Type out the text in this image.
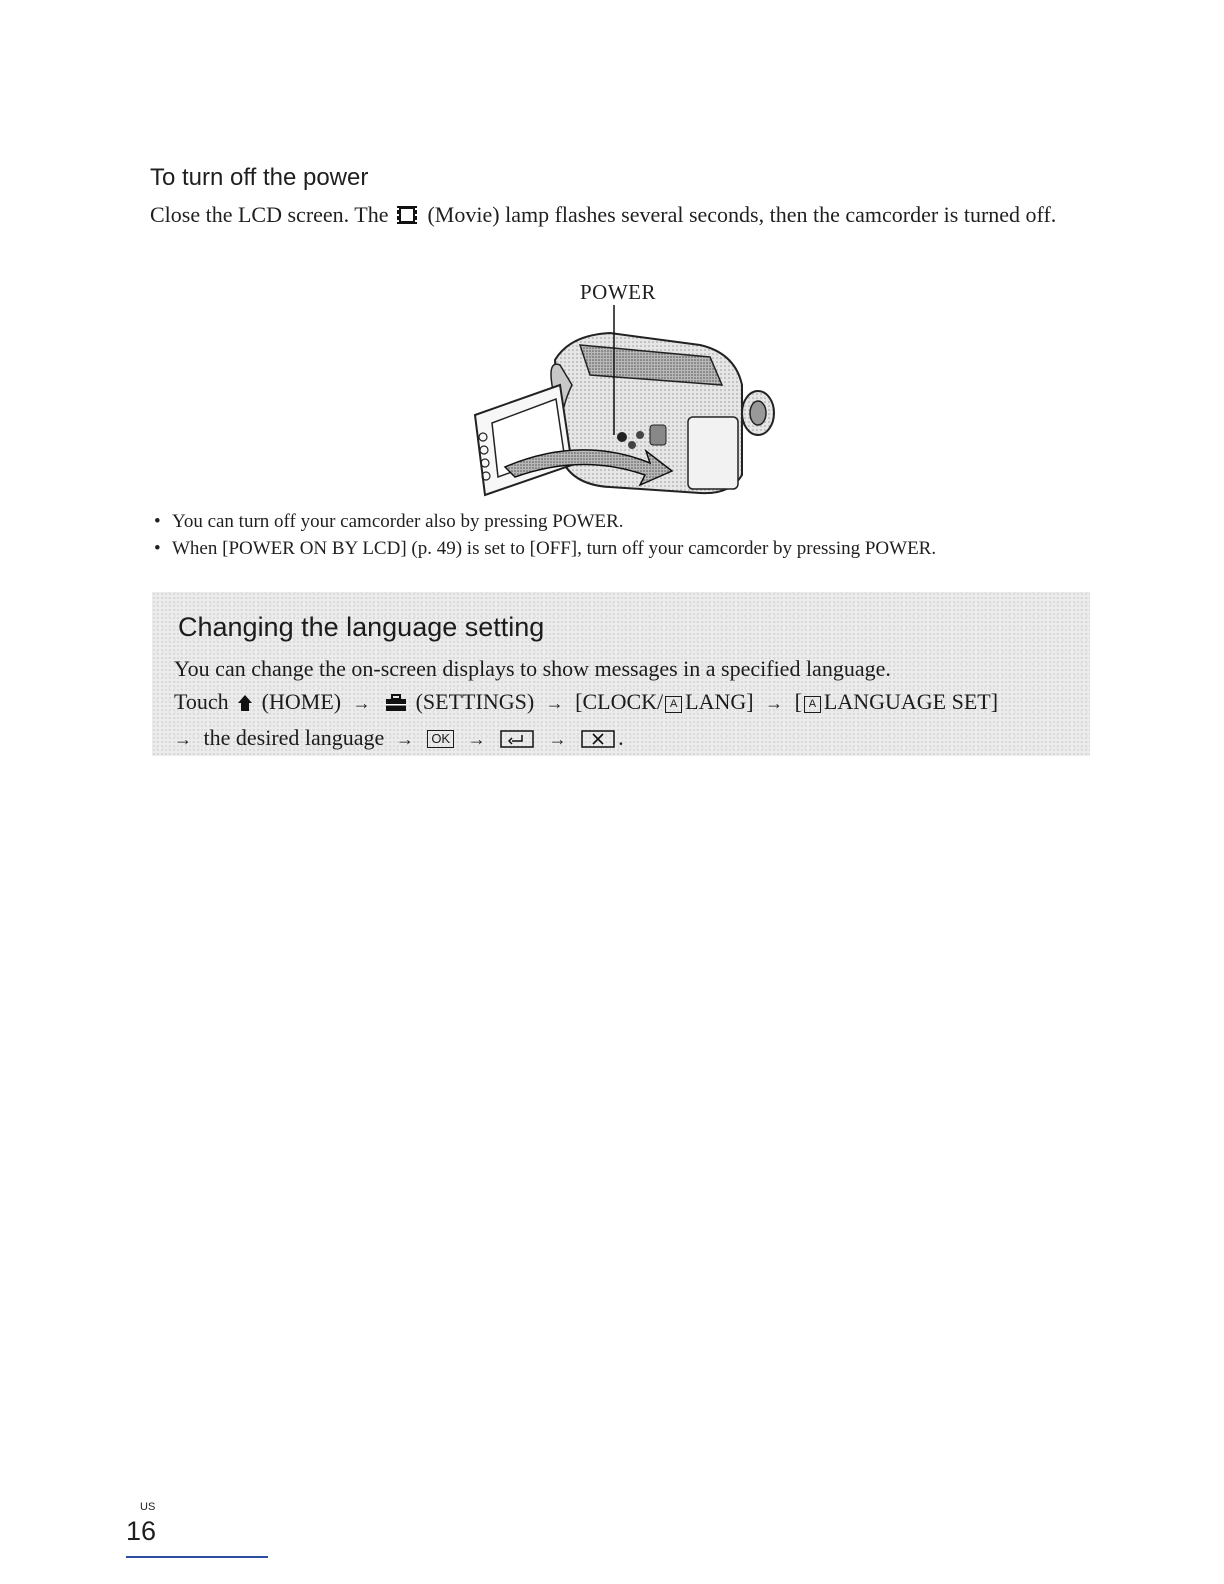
To turn off the power
Close the LCD screen. The (Movie) lamp flashes several seconds, then the camcorder is turned off.
POWER
• You can turn off your camcorder also by pressing POWER.
• When [POWER ON BY LCD] (p. 49) is set to [OFF], turn off your camcorder by pressing POWER.
Changing the language setting
You can change the on-screen displays to show messages in a specified language.
Touch (HOME) → (SETTINGS) → [CLOCK/ A LANG] → [ A LANGUAGE SET]
→ the desired language → OK →	→ .
US
16
